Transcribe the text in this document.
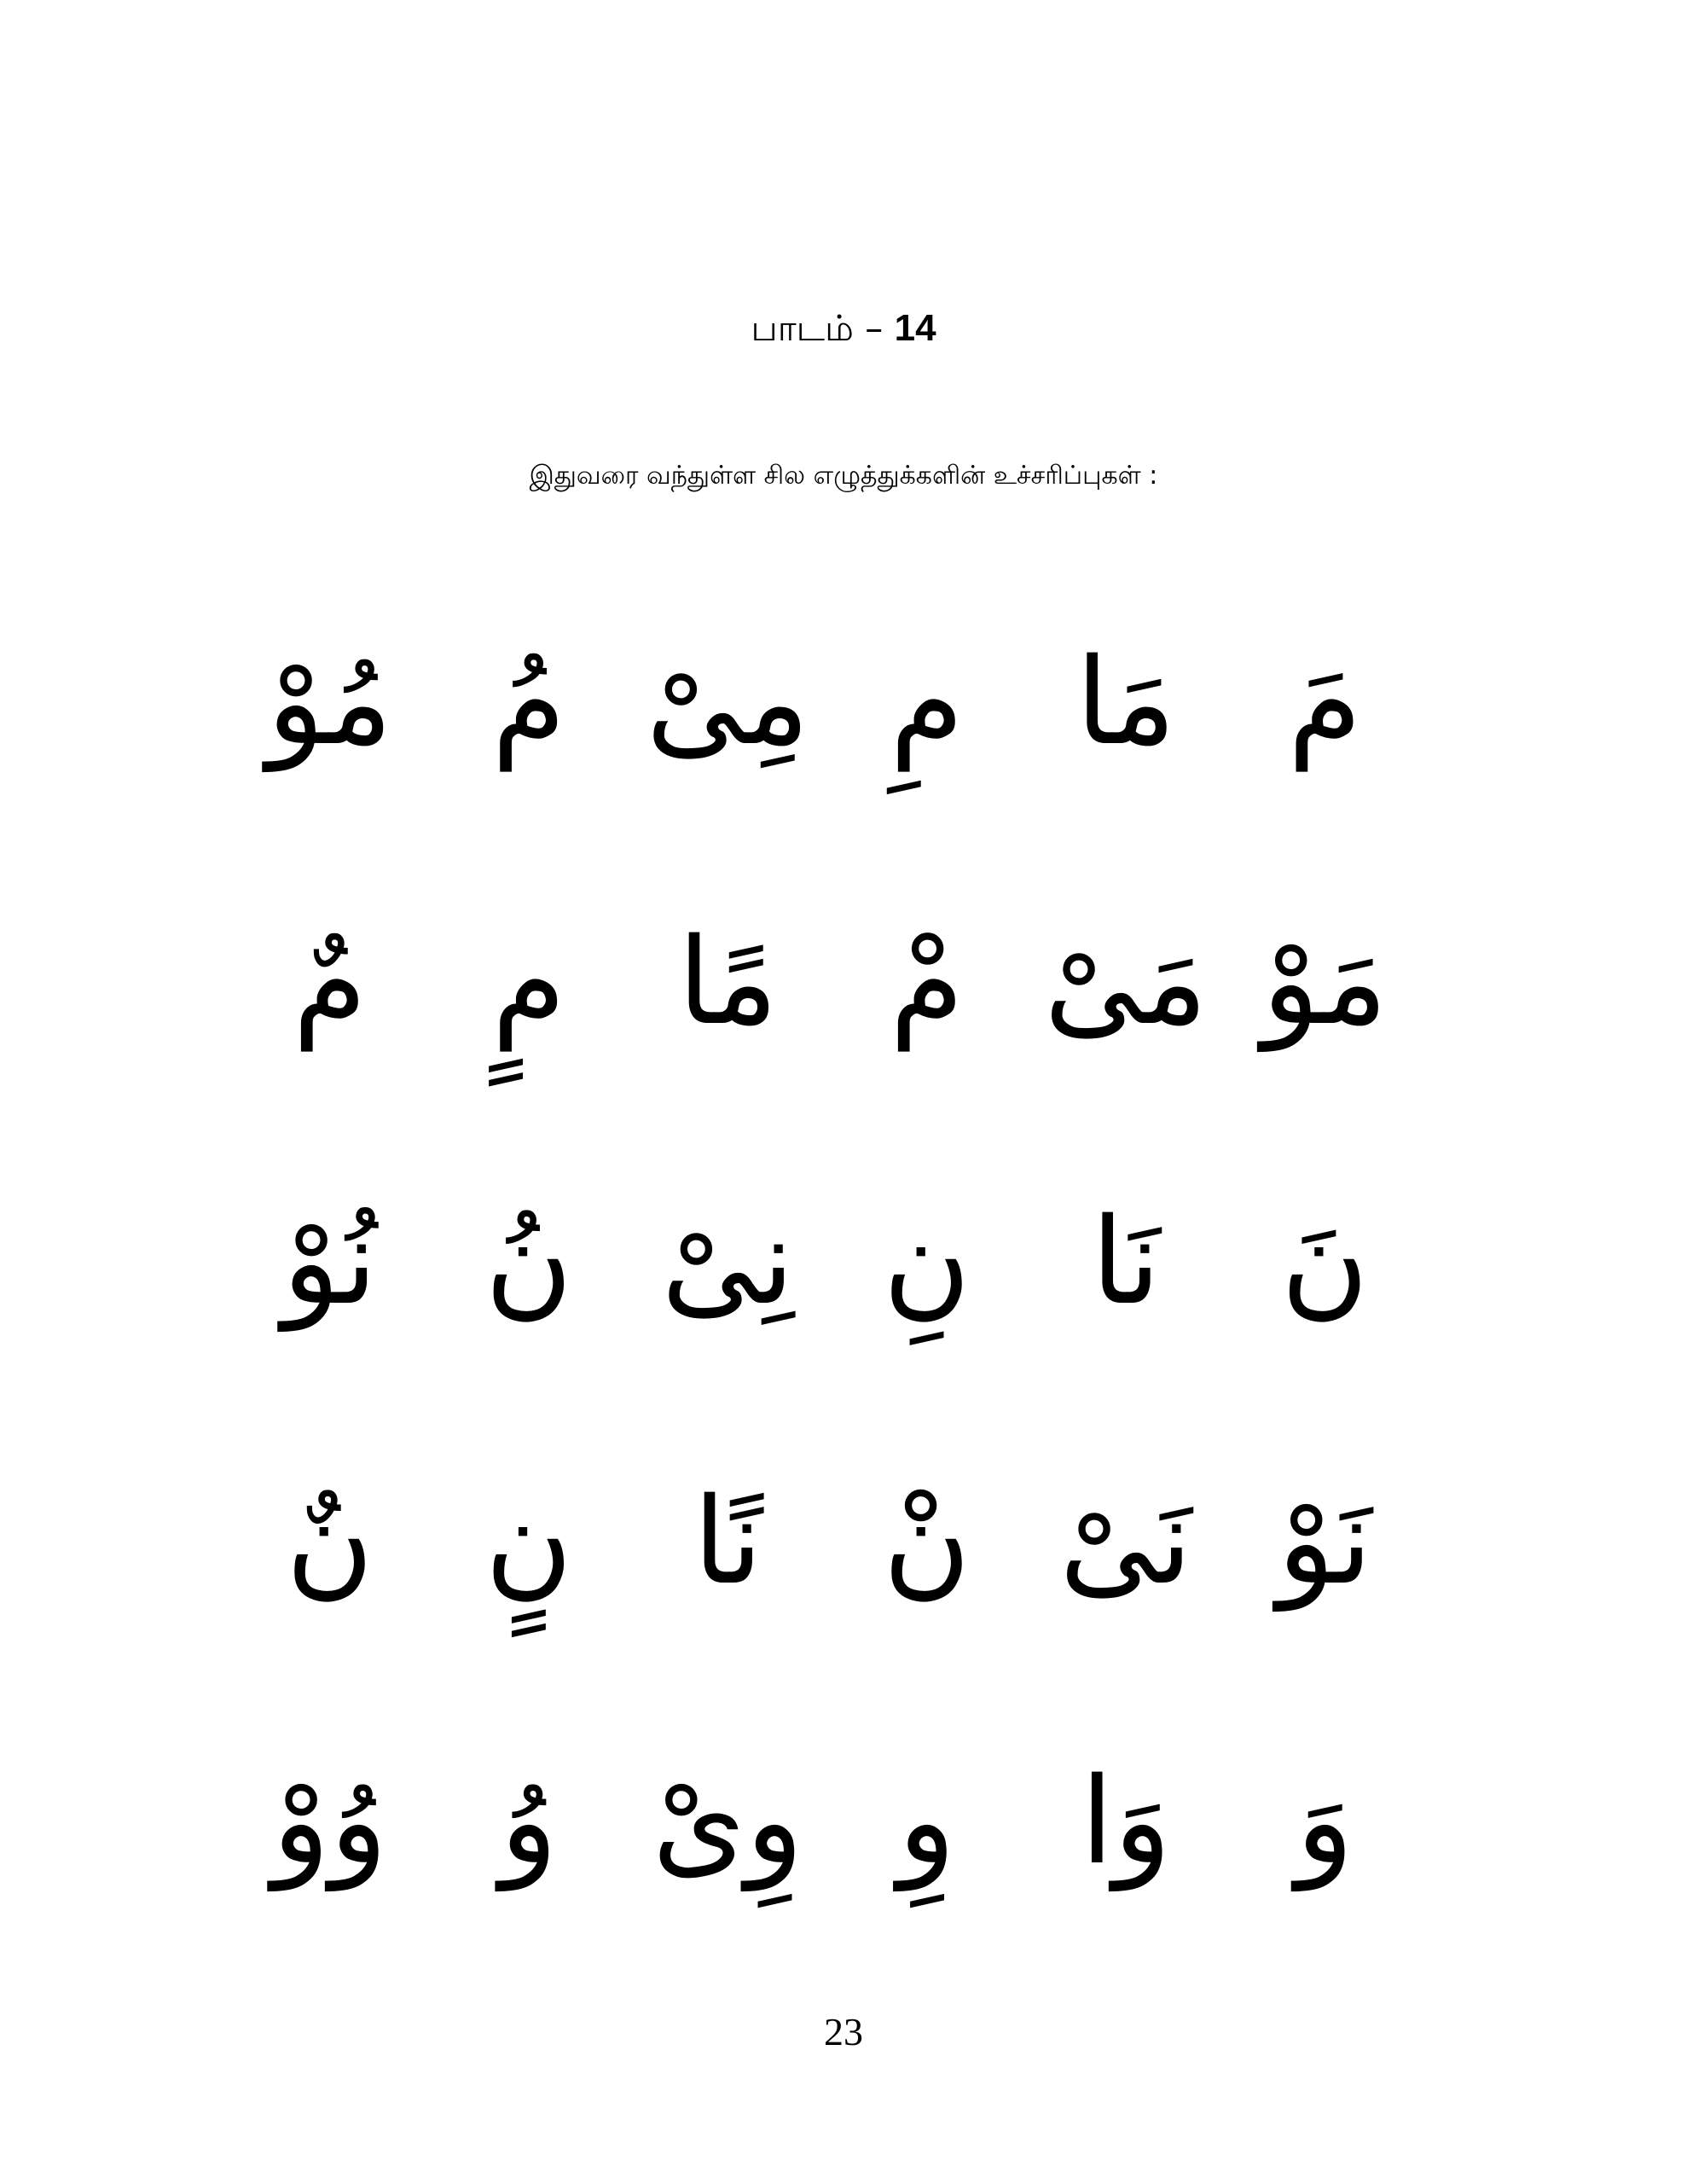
பாடம் – 14
இதுவரை வந்துள்ள சில எழுத்துக்களின் உச்சரிப்புகள் :
مَ
مَا
مِ
مِیْ
مُ
مُوْ
مَوْ
مَیْ
مْ
مًا
مٍ
مٌ
نَ
نَا
نِ
نِیْ
نُ
نُوْ
نَوْ
نَیْ
نْ
نًا
نٍ
نٌ
وَ
وَا
وِ
وِیْ
وُ
وُوْ
23
